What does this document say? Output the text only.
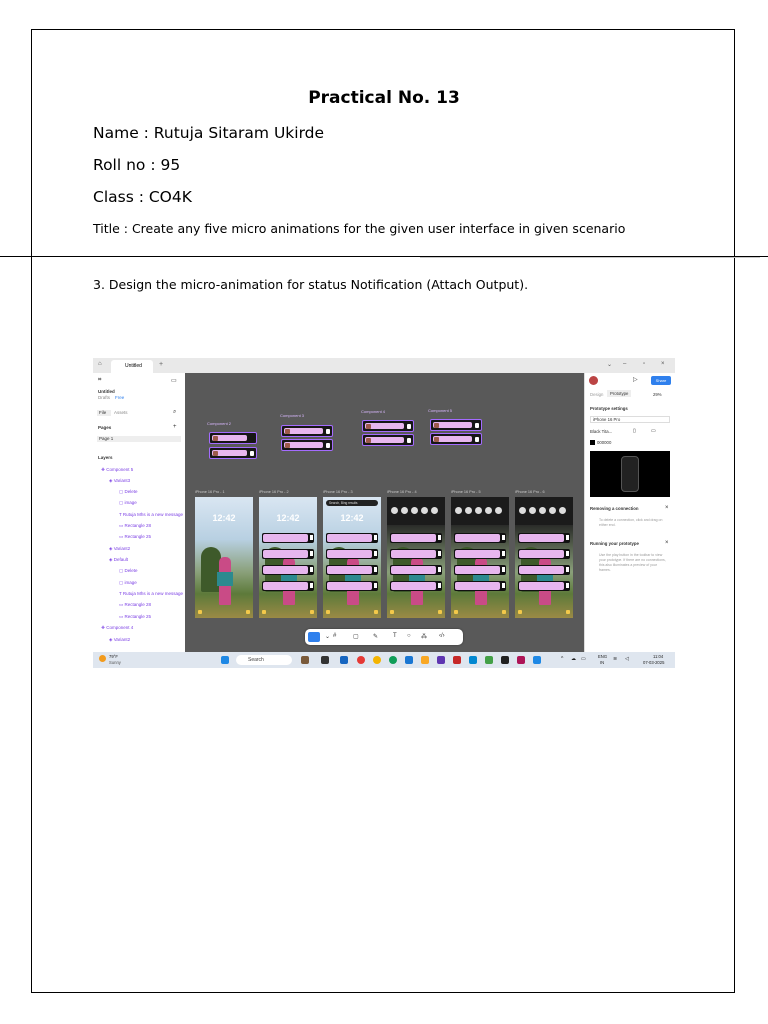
Practical No. 13
Name : Rutuja Sitaram Ukirde
Roll no : 95
Class : CO4K
Title : Create any five micro animations for the given user interface in given scenario
3. Design the micro-animation for status Notification (Attach Output).
⌂	Untitled	+	⌄ –	▫	×
⌗	▭
Untitled
Drafts Free
File Assets	⌕
Pages	+
Page 1
Layers
❖ Component 5
◈ Variant3
▢ Delete
▢ image
T Rutuja Mhs is a new message
▭ Rectangle 28
▭ Rectangle 25
◈ Variant2
◈ Default
▢ Delete
▢ image
T Rutuja Mhs is a new message
▭ Rectangle 28
▭ Rectangle 25
❖ Component 4
◈ Variant2
Component 2
Component 3
Component 4	Component 5
iPhone 16 Pro - 1	iPhone 16 Pro - 2	iPhone 16 Pro - 3	iPhone 16 Pro - 4	iPhone 16 Pro - 5	iPhone 16 Pro - 6
12:42	12:42
Search, Bing results
12:42
⌄ #	▢ ✎ T ○ ⁂ ‹/›
▷	Share
Design	Prototype	29%
Prototype settings
iPhone 16 Pro
Black Tita...	▯	▭
000000
Removing a connection	×
To delete a connection, click and drag on either end.
Running your prototype	×
Use the play button in the toolbar to view your prototype. If there are no connections, this also illuminates a preview of your frames.
79°F
Sunny	Search	^ ☁ ▭	ENG
IN
≋ ◁	11:04
07-03-2025
